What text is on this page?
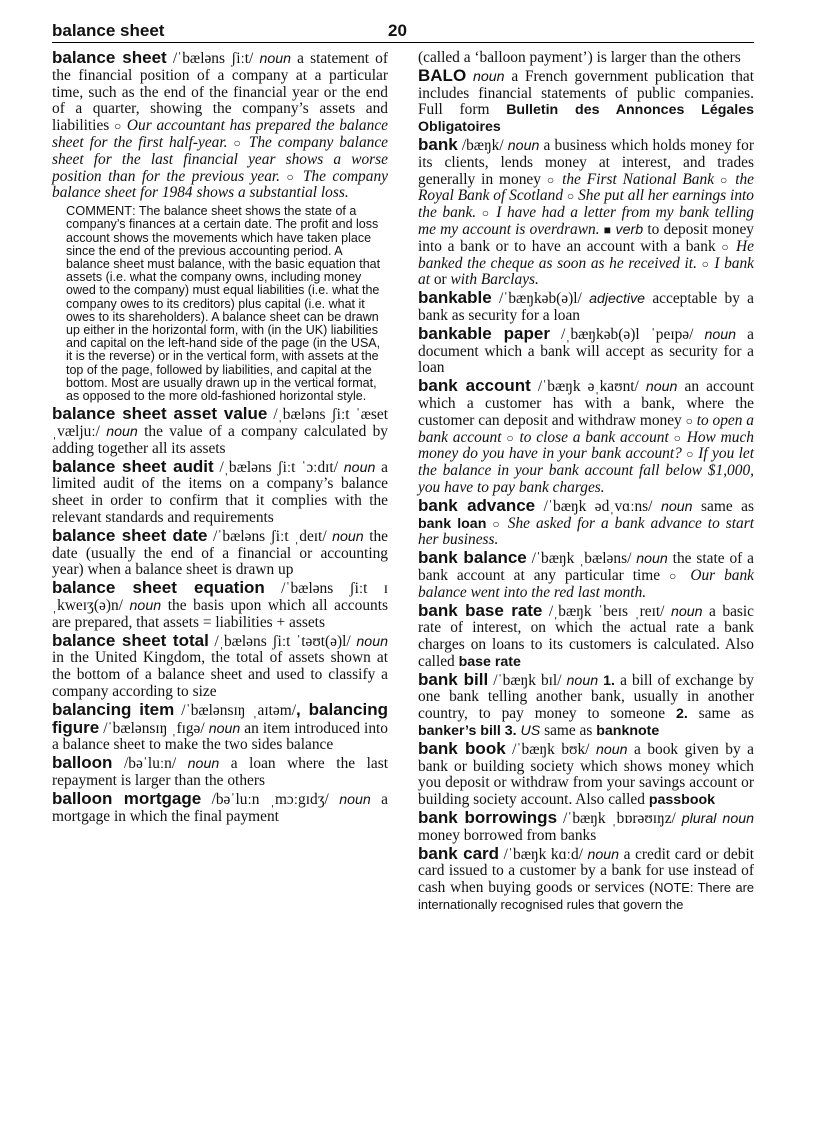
balance sheet	20

balance sheet /ˈbæləns ʃiːt/ noun a statement of the financial position of a company at a particular time, such as the end of the financial year or the end of a quarter, showing the company’s assets and liabilities ○ Our accountant has prepared the balance sheet for the first half-year. ○ The company balance sheet for the last financial year shows a worse position than for the previous year. ○ The company balance sheet for 1984 shows a substantial loss.

COMMENT: The balance sheet shows the state of a company’s finances at a certain date. The profit and loss account shows the movements which have taken place since the end of the previous accounting period. A balance sheet must balance, with the basic equation that assets (i.e. what the company owns, including money owed to the company) must equal liabilities (i.e. what the company owes to its creditors) plus capital (i.e. what it owes to its shareholders). A balance sheet can be drawn up either in the horizontal form, with (in the UK) liabilities and capital on the left-hand side of the page (in the USA, it is the reverse) or in the vertical form, with assets at the top of the page, followed by liabilities, and capital at the bottom. Most are usually drawn up in the vertical format, as opposed to the more old-fashioned horizontal style.

balance sheet asset value /ˌbæləns ʃiːt ˈæset ˌvæljuː/ noun the value of a company calculated by adding together all its assets

balance sheet audit /ˌbæləns ʃiːt ˈɔːdɪt/ noun a limited audit of the items on a company’s balance sheet in order to confirm that it complies with the relevant standards and requirements

balance sheet date /ˈbæləns ʃiːt ˌdeɪt/ noun the date (usually the end of a financial or accounting year) when a balance sheet is drawn up

balance sheet equation /ˈbæləns ʃiːt ɪ ˌkweɪʒ(ə)n/ noun the basis upon which all accounts are prepared, that assets = liabilities + assets

balance sheet total /ˌbæləns ʃiːt ˈtəʊt(ə)l/ noun in the United Kingdom, the total of assets shown at the bottom of a balance sheet and used to classify a company according to size

balancing item /ˈbælənsɪŋ ˌaɪtəm/, balancing figure /ˈbælənsɪŋ ˌfɪgə/ noun an item introduced into a balance sheet to make the two sides balance

balloon /bəˈluːn/ noun a loan where the last repayment is larger than the others

balloon mortgage /bəˈluːn ˌmɔːgɪdʒ/ noun a mortgage in which the final payment

(called a ‘balloon payment’) is larger than the others

BALO noun a French government publication that includes financial statements of public companies. Full form Bulletin des Annonces Légales Obligatoires

bank /bæŋk/ noun a business which holds money for its clients, lends money at interest, and trades generally in money ○ the First National Bank ○ the Royal Bank of Scotland ○ She put all her earnings into the bank. ○ I have had a letter from my bank telling me my account is overdrawn. ■ verb to deposit money into a bank or to have an account with a bank ○ He banked the cheque as soon as he received it. ○ I bank at or with Barclays.

bankable /ˈbæŋkəb(ə)l/ adjective acceptable by a bank as security for a loan

bankable paper /ˌbæŋkəb(ə)l ˈpeɪpə/ noun a document which a bank will accept as security for a loan

bank account /ˈbæŋk əˌkaʊnt/ noun an account which a customer has with a bank, where the customer can deposit and withdraw money ○ to open a bank account ○ to close a bank account ○ How much money do you have in your bank account? ○ If you let the balance in your bank account fall below $1,000, you have to pay bank charges.

bank advance /ˈbæŋk ədˌvɑːns/ noun same as bank loan ○ She asked for a bank advance to start her business.

bank balance /ˈbæŋk ˌbæləns/ noun the state of a bank account at any particular time ○ Our bank balance went into the red last month.

bank base rate /ˌbæŋk ˈbeɪs ˌreɪt/ noun a basic rate of interest, on which the actual rate a bank charges on loans to its customers is calculated. Also called base rate

bank bill /ˈbæŋk bɪl/ noun 1. a bill of exchange by one bank telling another bank, usually in another country, to pay money to someone 2. same as banker’s bill 3. US same as banknote

bank book /ˈbæŋk bʊk/ noun a book given by a bank or building society which shows money which you deposit or withdraw from your savings account or building society account. Also called passbook

bank borrowings /ˈbæŋk ˌbɒrəʊɪŋz/ plural noun money borrowed from banks

bank card /ˈbæŋk kɑːd/ noun a credit card or debit card issued to a customer by a bank for use instead of cash when buying goods or services (NOTE: There are internationally recognised rules that govern the
